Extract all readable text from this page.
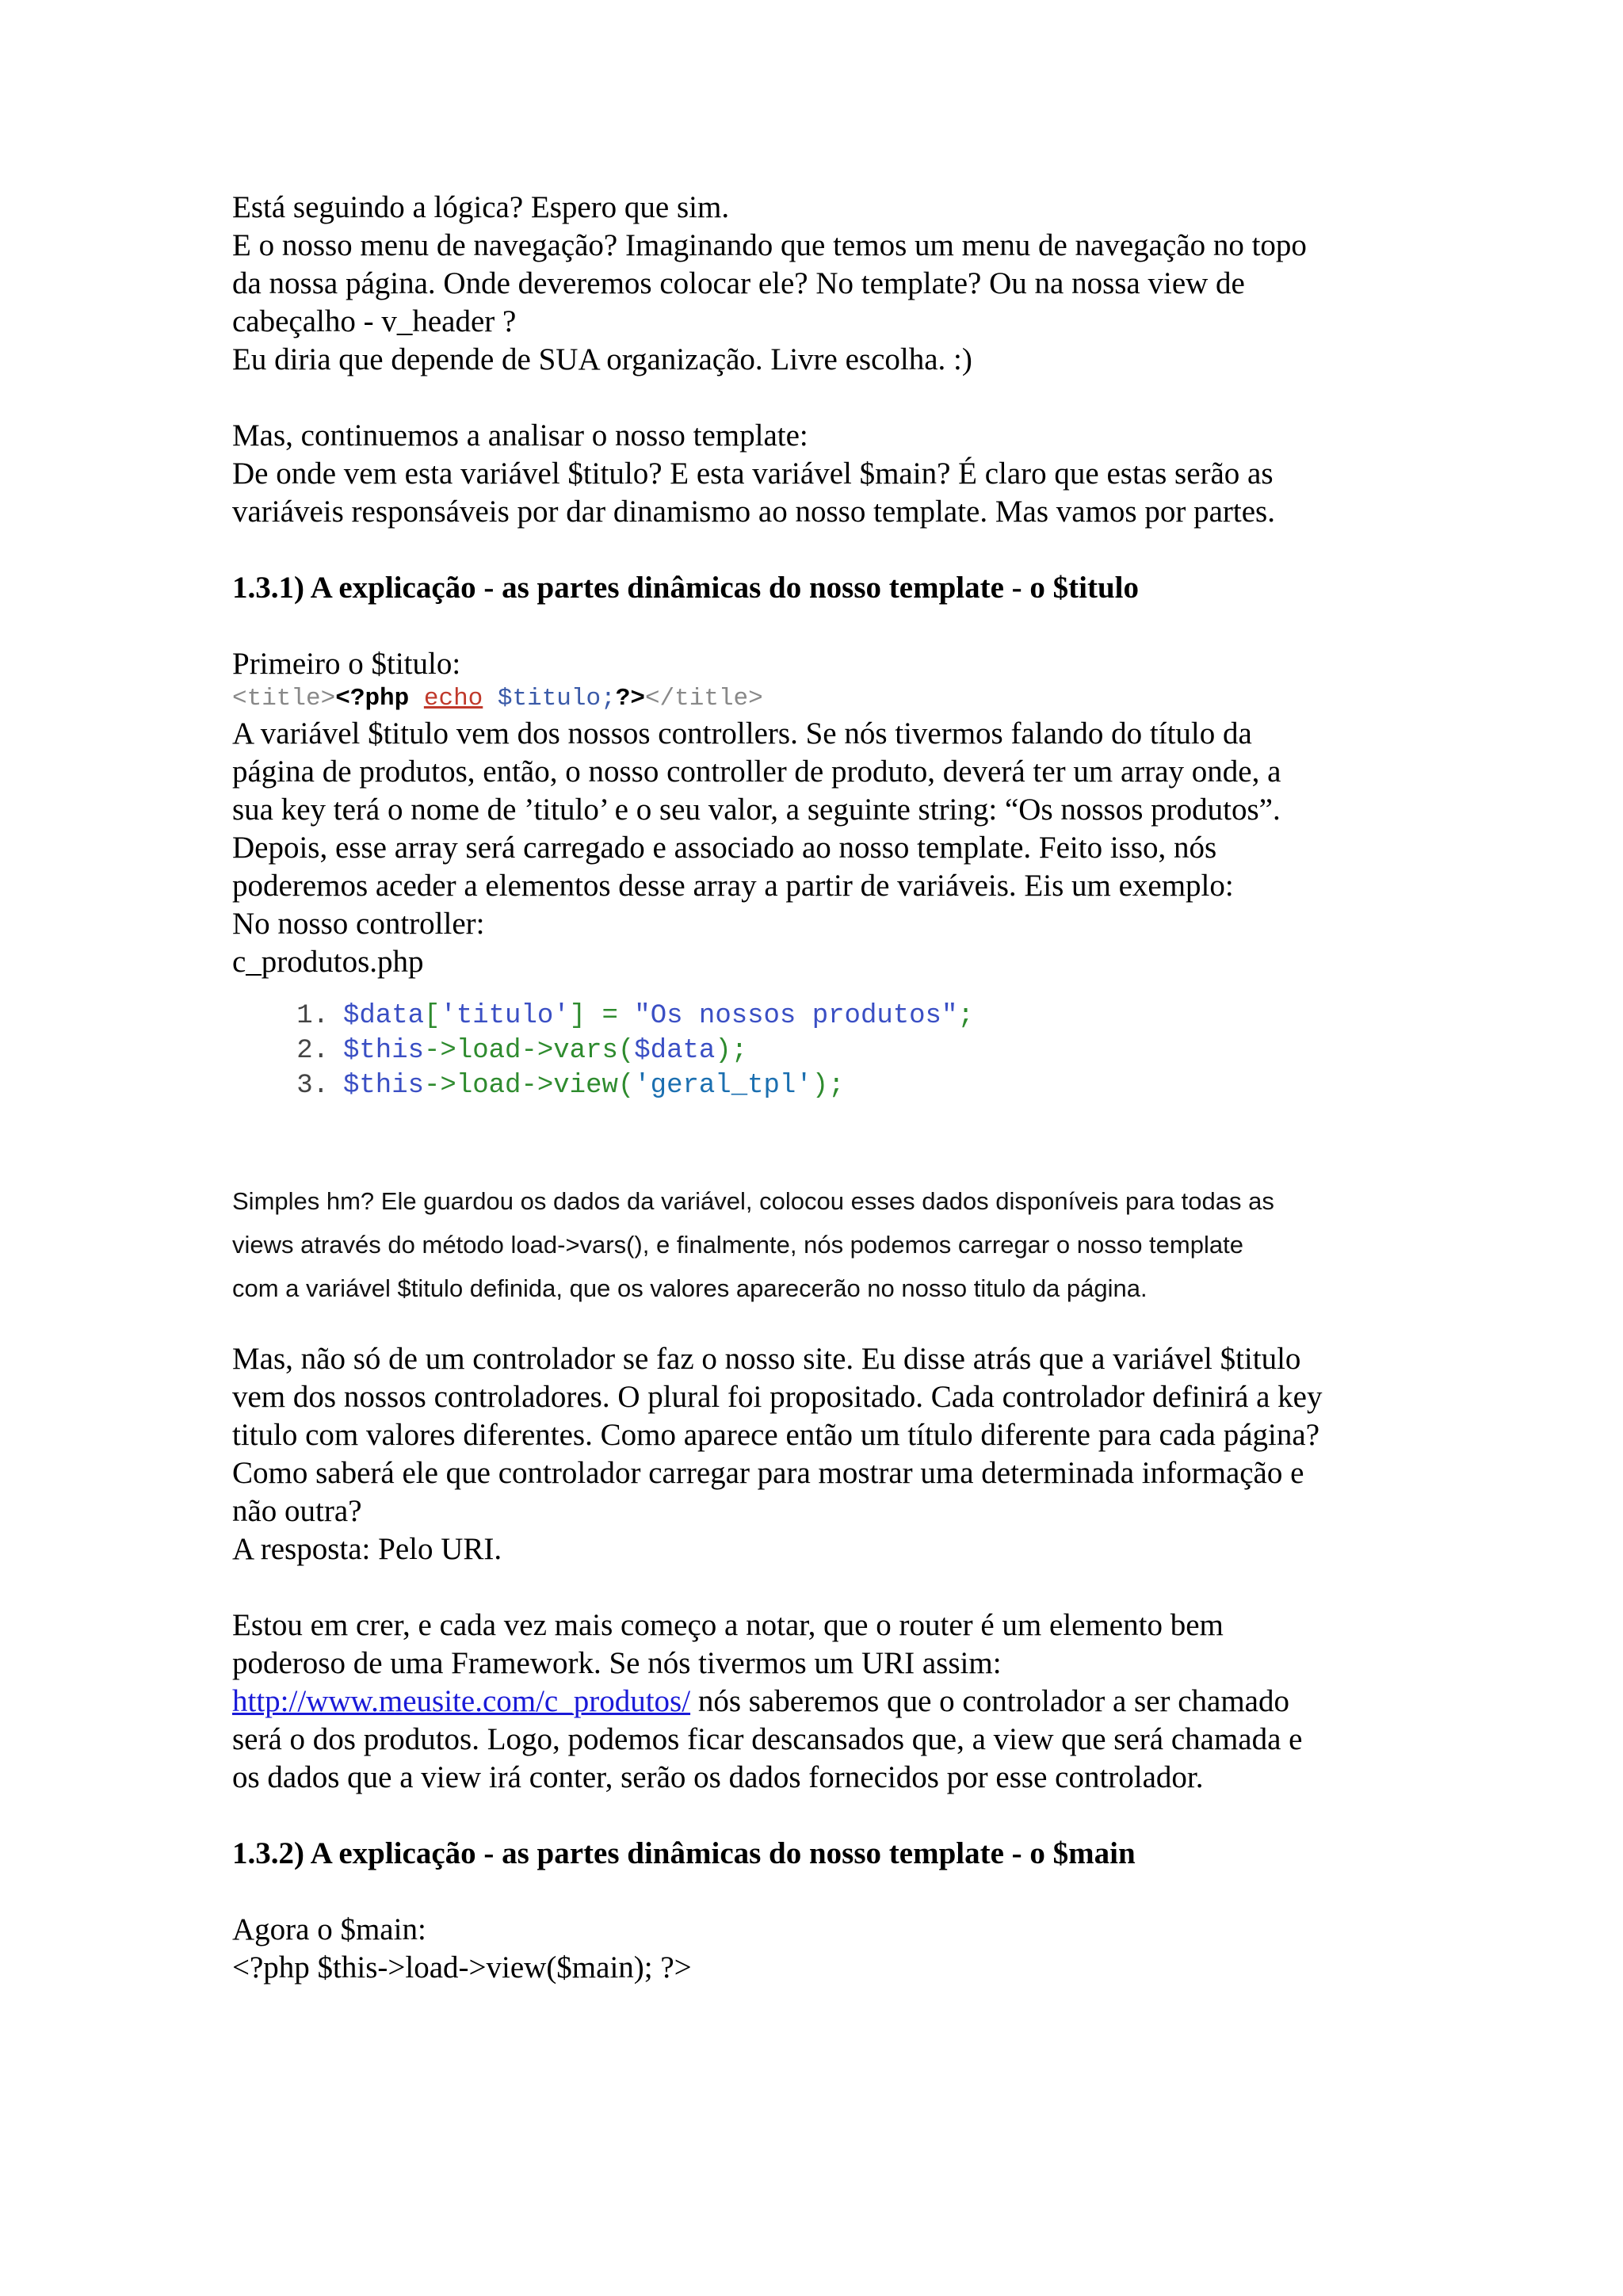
Está seguindo a lógica? Espero que sim.

E o nosso menu de navegação? Imaginando que temos um menu de navegação no topo

da nossa página. Onde deveremos colocar ele? No template? Ou na nossa view de

cabeçalho - v_header ?

Eu diria que depende de SUA organização. Livre escolha. :)

Mas, continuemos a analisar o nosso template:

De onde vem esta variável $titulo? E esta variável $main? É claro que estas serão as

variáveis responsáveis por dar dinamismo ao nosso template. Mas vamos por partes.

1.3.1) A explicação - as partes dinâmicas do nosso template - o $titulo

Primeiro o $titulo:

<title><?php echo $titulo;?></title>

A variável $titulo vem dos nossos controllers. Se nós tivermos falando do título da

página de produtos, então, o nosso controller de produto, deverá ter um array onde, a

sua key terá o nome de ’titulo’ e o seu valor, a seguinte string: “Os nossos produtos”.

Depois, esse array será carregado e associado ao nosso template. Feito isso, nós

poderemos aceder a elementos desse array a partir de variáveis. Eis um exemplo:

No nosso controller:

c_produtos.php

1. $data['titulo'] = "Os nossos produtos";
2. $this->load->vars($data);
3. $this->load->view('geral_tpl');

Simples hm? Ele guardou os dados da variável, colocou esses dados disponíveis para todas as

views através do método load->vars(), e finalmente, nós podemos carregar o nosso template

com a variável $titulo definida, que os valores aparecerão no nosso titulo da página.

Mas, não só de um controlador se faz o nosso site. Eu disse atrás que a variável $titulo

vem dos nossos controladores. O plural foi propositado. Cada controlador definirá a key

titulo com valores diferentes. Como aparece então um título diferente para cada página?

Como saberá ele que controlador carregar para mostrar uma determinada informação e

não outra?

A resposta: Pelo URI.

Estou em crer, e cada vez mais começo a notar, que o router é um elemento bem

poderoso de uma Framework. Se nós tivermos um URI assim:

http://www.meusite.com/c_produtos/ nós saberemos que o controlador a ser chamado

será o dos produtos. Logo, podemos ficar descansados que, a view que será chamada e

os dados que a view irá conter, serão os dados fornecidos por esse controlador.

1.3.2) A explicação - as partes dinâmicas do nosso template - o $main

Agora o $main:

<?php $this->load->view($main); ?>
